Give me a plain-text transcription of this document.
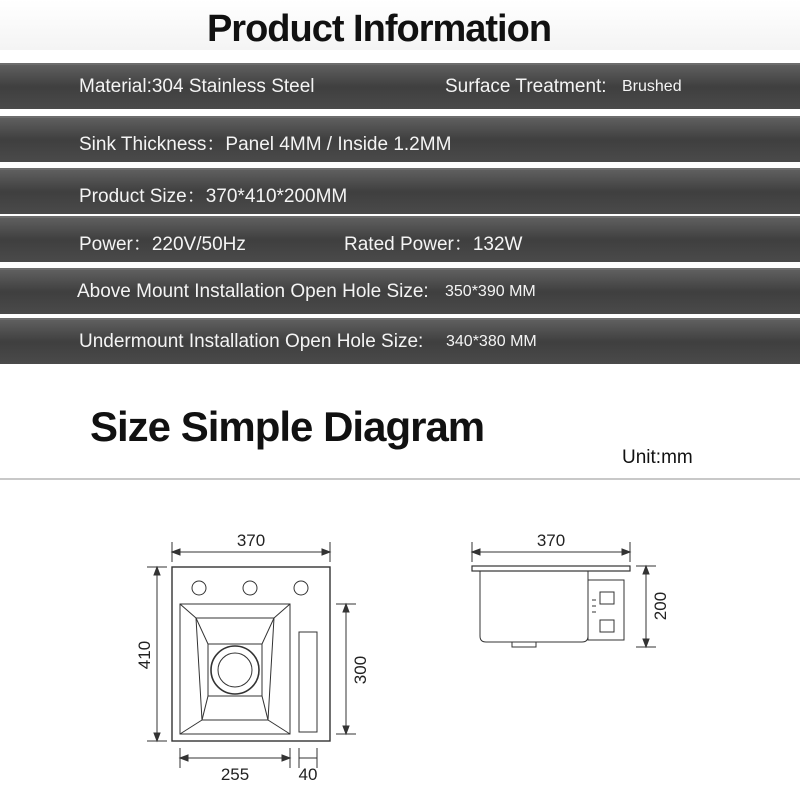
Product Information
Material:304 Stainless Steel	Surface Treatment: Brushed
Sink Thickness：Panel 4MM / Inside 1.2MM
Product Size：370*410*200MM
Power：220V/50Hz	Rated Power：132W
Above Mount Installation Open Hole Size: 350*390 MM
Undermount Installation Open Hole Size: 340*380 MM
Size Simple Diagram
Unit:mm
370
410
300
255	40
370
200
